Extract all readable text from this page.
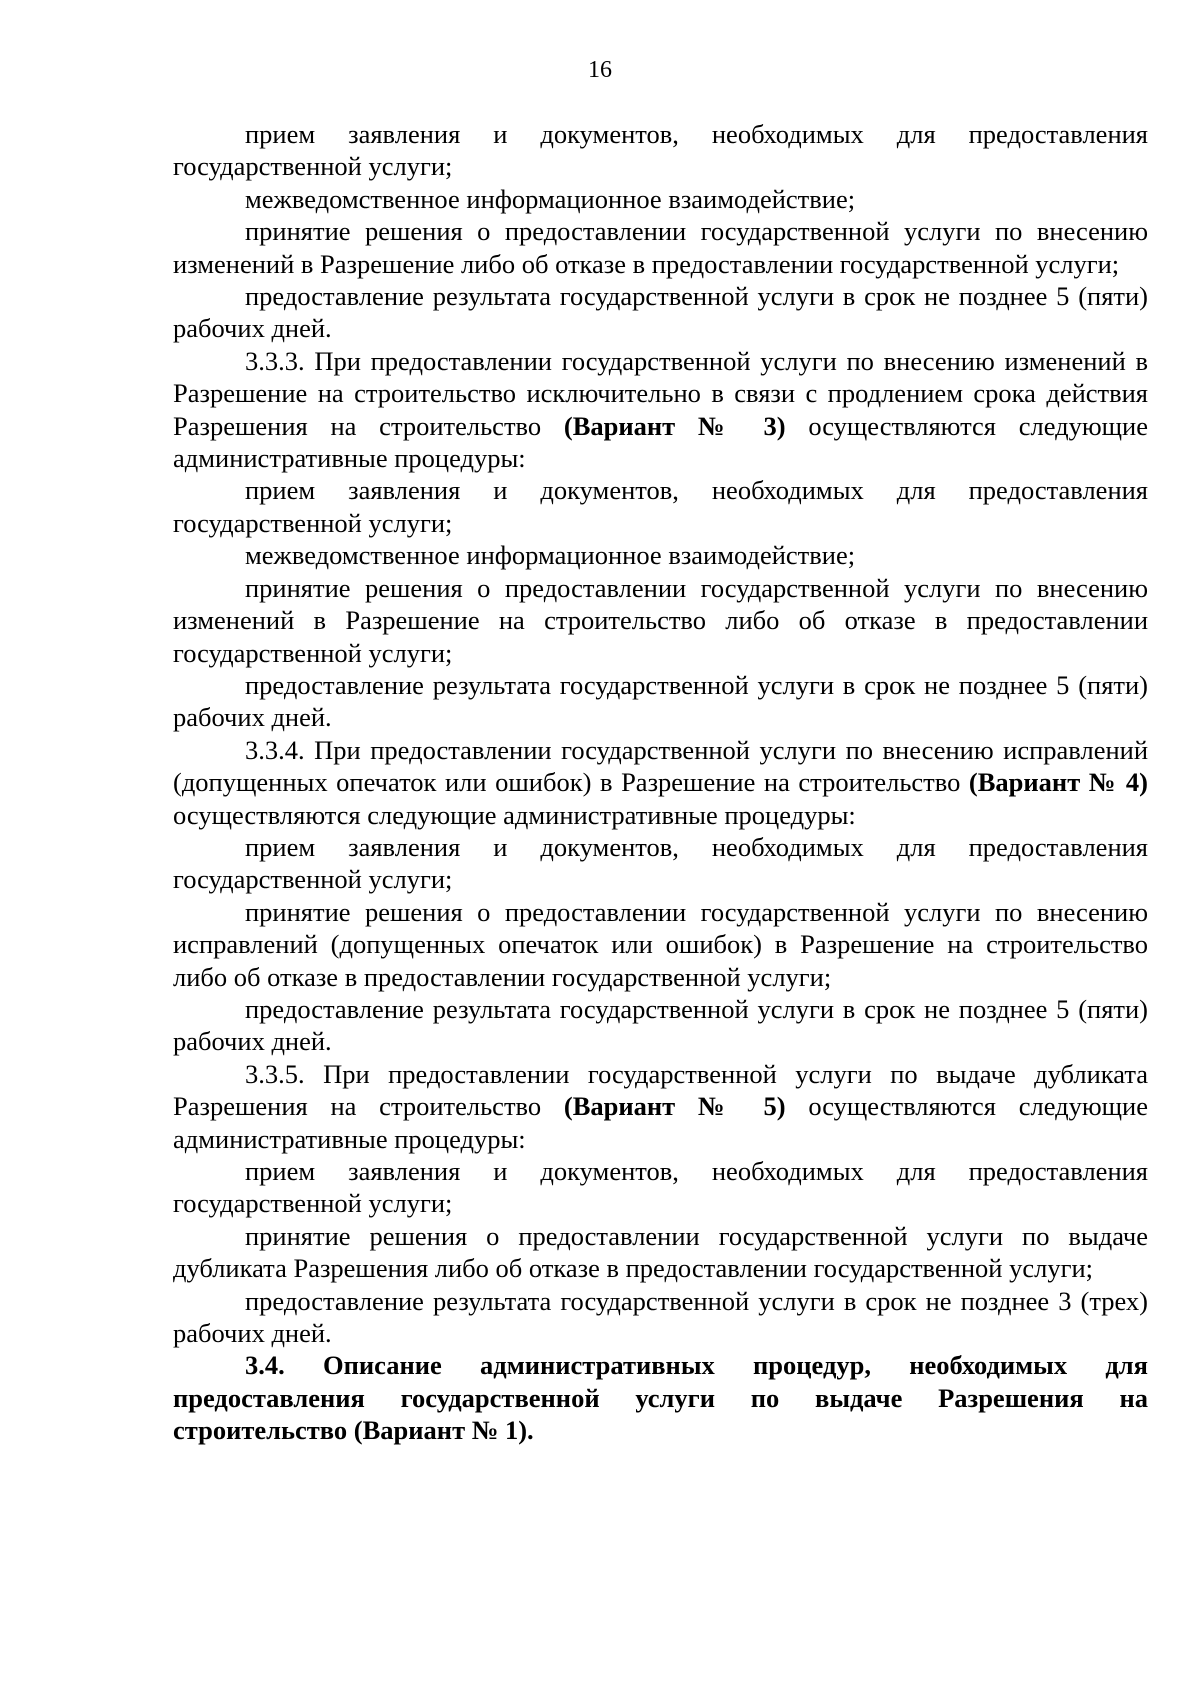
16

прием заявления и документов, необходимых для предоставления государственной услуги;

межведомственное информационное взаимодействие;

принятие решения о предоставлении государственной услуги по внесению изменений в Разрешение либо об отказе в предоставлении государственной услуги;

предоставление результата государственной услуги в срок не позднее 5 (пяти) рабочих дней.

3.3.3. При предоставлении государственной услуги по внесению изменений в Разрешение на строительство исключительно в связи с продлением срока действия Разрешения на строительство (Вариант № 3) осуществляются следующие административные процедуры:

прием заявления и документов, необходимых для предоставления государственной услуги;

межведомственное информационное взаимодействие;

принятие решения о предоставлении государственной услуги по внесению изменений в Разрешение на строительство либо об отказе в предоставлении государственной услуги;

предоставление результата государственной услуги в срок не позднее 5 (пяти) рабочих дней.

3.3.4. При предоставлении государственной услуги по внесению исправлений (допущенных опечаток или ошибок) в Разрешение на строительство (Вариант № 4) осуществляются следующие административные процедуры:

прием заявления и документов, необходимых для предоставления государственной услуги;

принятие решения о предоставлении государственной услуги по внесению исправлений (допущенных опечаток или ошибок) в Разрешение на строительство либо об отказе в предоставлении государственной услуги;

предоставление результата государственной услуги в срок не позднее 5 (пяти) рабочих дней.

3.3.5. При предоставлении государственной услуги по выдаче дубликата Разрешения на строительство (Вариант № 5) осуществляются следующие административные процедуры:

прием заявления и документов, необходимых для предоставления государственной услуги;

принятие решения о предоставлении государственной услуги по выдаче дубликата Разрешения либо об отказе в предоставлении государственной услуги;

предоставление результата государственной услуги в срок не позднее 3 (трех) рабочих дней.

3.4. Описание административных процедур, необходимых для предоставления государственной услуги по выдаче Разрешения на строительство (Вариант № 1).
